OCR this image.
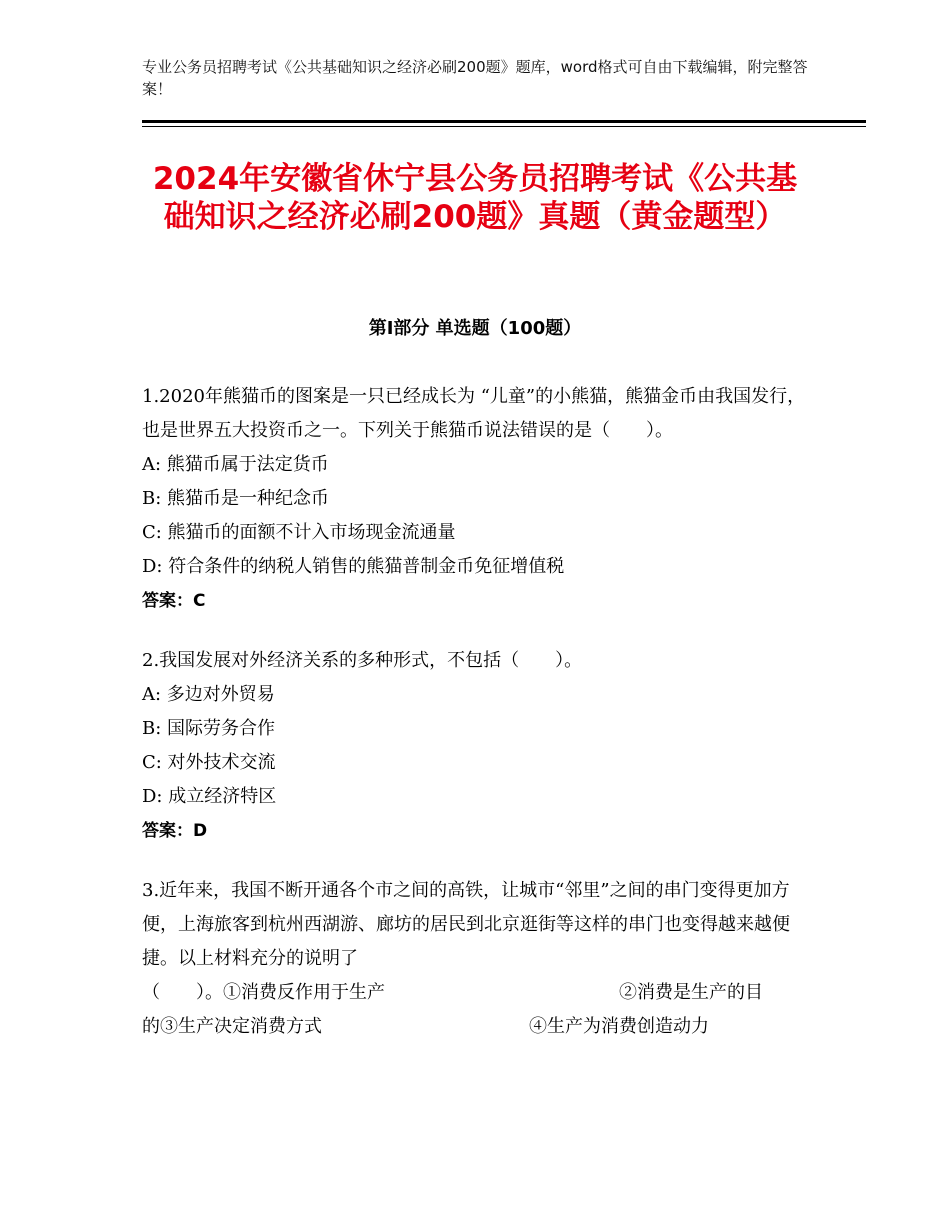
专业公务员招聘考试《公共基础知识之经济必刷200题》题库，word格式可自由下载编辑，附完整答案！
2024年安徽省休宁县公务员招聘考试《公共基础知识之经济必刷200题》真题（黄金题型）
第Ⅰ部分 单选题（100题）

1.2020年熊猫币的图案是一只已经成长为 “儿童”的小熊猫，熊猫金币由我国发行，也是世界五大投资币之一。下列关于熊猫币说法错误的是（　　）。

A: 熊猫币属于法定货币

B: 熊猫币是一种纪念币

C: 熊猫币的面额不计入市场现金流通量

D: 符合条件的纳税人销售的熊猫普制金币免征增值税

答案：C

2.我国发展对外经济关系的多种形式，不包括（　　）。

A: 多边对外贸易

B: 国际劳务合作

C: 对外技术交流

D: 成立经济特区

答案：D

3.近年来，我国不断开通各个市之间的高铁，让城市“邻里”之间的串门变得更加方便，上海旅客到杭州西湖游、廊坊的居民到北京逛街等这样的串门也变得越来越便捷。以上材料充分的说明了

（　　）。①消费反作用于生产	②消费是生产的目
的③生产决定消费方式	④生产为消费创造动力
